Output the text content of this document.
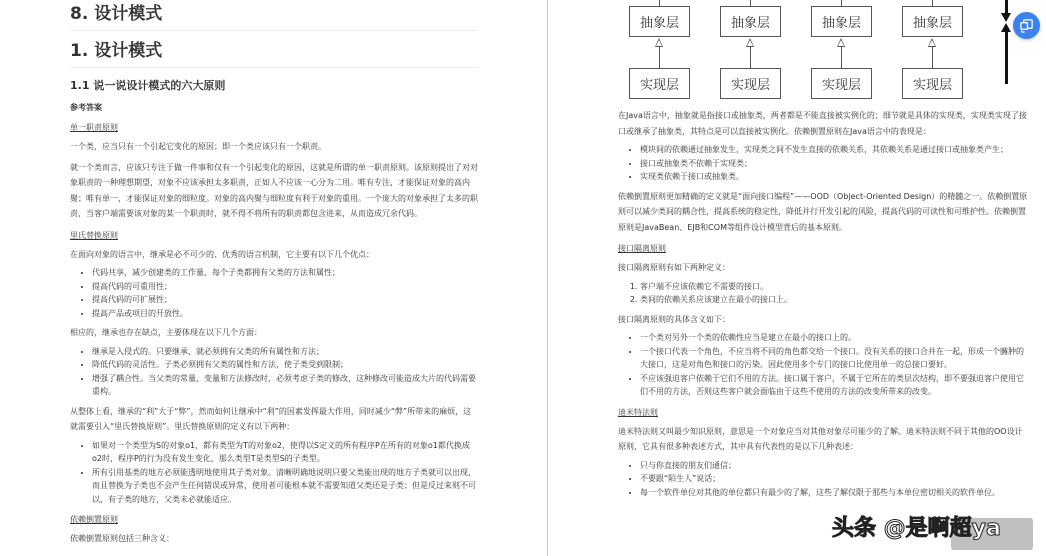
8. 设计模式
1. 设计模式
1.1 说一说设计模式的六大原则
参考答案
单一职责原则

一个类，应当只有一个引起它变化的原因；即一个类应该只有一个职责。

就一个类而言，应该只专注于做一件事和仅有一个引起变化的原因，这就是所谓的单一职责原则。该原则提出了对对象职责的一种理想期望，对象不应该承担太多职责，正如人不应该一心分为二用。唯有专注，才能保证对象的高内聚；唯有单一，才能保证对象的细粒度。对象的高内聚与细粒度有利于对象的重用。一个庞大的对象承担了太多的职责，当客户端需要该对象的某一个职责时，就不得不将所有的职责都包含进来，从而造成冗余代码。

里氏替换原则

在面向对象的语言中，继承是必不可少的、优秀的语言机制，它主要有以下几个优点：

• 代码共享，减少创建类的工作量，每个子类都拥有父类的方法和属性；
• 提高代码的可重用性；
• 提高代码的可扩展性；
• 提高产品或项目的开放性。

相应的，继承也存在缺点，主要体现在以下几个方面：

• 继承是入侵式的。只要继承，就必须拥有父类的所有属性和方法；
• 降低代码的灵活性。子类必须拥有父类的属性和方法，使子类受到限制；
• 增强了耦合性。当父类的常量、变量和方法修改时，必须考虑子类的修改，这种修改可能造成大片的代码需要重构。

从整体上看，继承的“利”大于“弊”，然而如何让继承中“利”的因素发挥最大作用，同时减少“弊”所带来的麻烦，这就需要引入“里氏替换原则”。里氏替换原则的定义有以下两种：

• 如果对一个类型为S的对象o1，都有类型为T的对象o2，使得以S定义的所有程序P在所有的对象o1都代换成o2时，程序P的行为没有发生变化，那么类型T是类型S的子类型。
• 所有引用基类的地方必须能透明地使用其子类对象。清晰明确地说明只要父类能出现的地方子类就可以出现，而且替换为子类也不会产生任何错误或异常，使用者可能根本就不需要知道父类还是子类；但是反过来则不可以，有子类的地方，父类未必就能适应。
依赖倒置原则

依赖倒置原则包括三种含义：

抽象层
实现层
抽象层
实现层
抽象层
实现层
抽象层
实现层

在Java语言中，抽象就是指接口或抽象类，两者都是不能直接被实例化的；细节就是具体的实现类，实现类实现了接口或继承了抽象类，其特点是可以直接被实例化。依赖倒置原则在Java语言中的表现是：

• 模块间的依赖通过抽象发生，实现类之间不发生直接的依赖关系，其依赖关系是通过接口或抽象类产生；
• 接口或抽象类不依赖于实现类；
• 实现类依赖于接口或抽象类。

依赖倒置原则更加精确的定义就是“面向接口编程”——OOD（Object-Oriented Design）的精髓之一。依赖倒置原则可以减少类间的耦合性，提高系统的稳定性，降低并行开发引起的风险，提高代码的可读性和可维护性。依赖倒置原则是JavaBean、EJB和COM等组件设计模型背后的基本原则。

接口隔离原则

接口隔离原则有如下两种定义：

1. 客户端不应该依赖它不需要的接口。
2. 类间的依赖关系应该建立在最小的接口上。

接口隔离原则的具体含义如下：

• 一个类对另外一个类的依赖性应当是建立在最小的接口上的。
• 一个接口代表一个角色，不应当将不同的角色都交给一个接口。没有关系的接口合并在一起，形成一个臃肿的大接口，这是对角色和接口的污染。因此使用多个专门的接口比使用单一的总接口要好。
• 不应该强迫客户依赖于它们不用的方法。接口属于客户，不属于它所在的类层次结构，即不要强迫客户使用它们不用的方法，否则这些客户就会面临由于这些不使用的方法的改变所带来的改变。
迪米特法则

迪米特法则又叫最少知识原则，意思是一个对象应当对其他对象尽可能少的了解。迪米特法则不同于其他的OO设计原则，它具有很多种表述方式，其中具有代表性的是以下几种表述：

• 只与你直接的朋友们通信；
• 不要跟“陌生人”说话；
• 每一个软件单位对其他的单位都只有最少的了解，这些了解仅限于那些与本单位密切相关的软件单位。
头条 @是啊超ya
